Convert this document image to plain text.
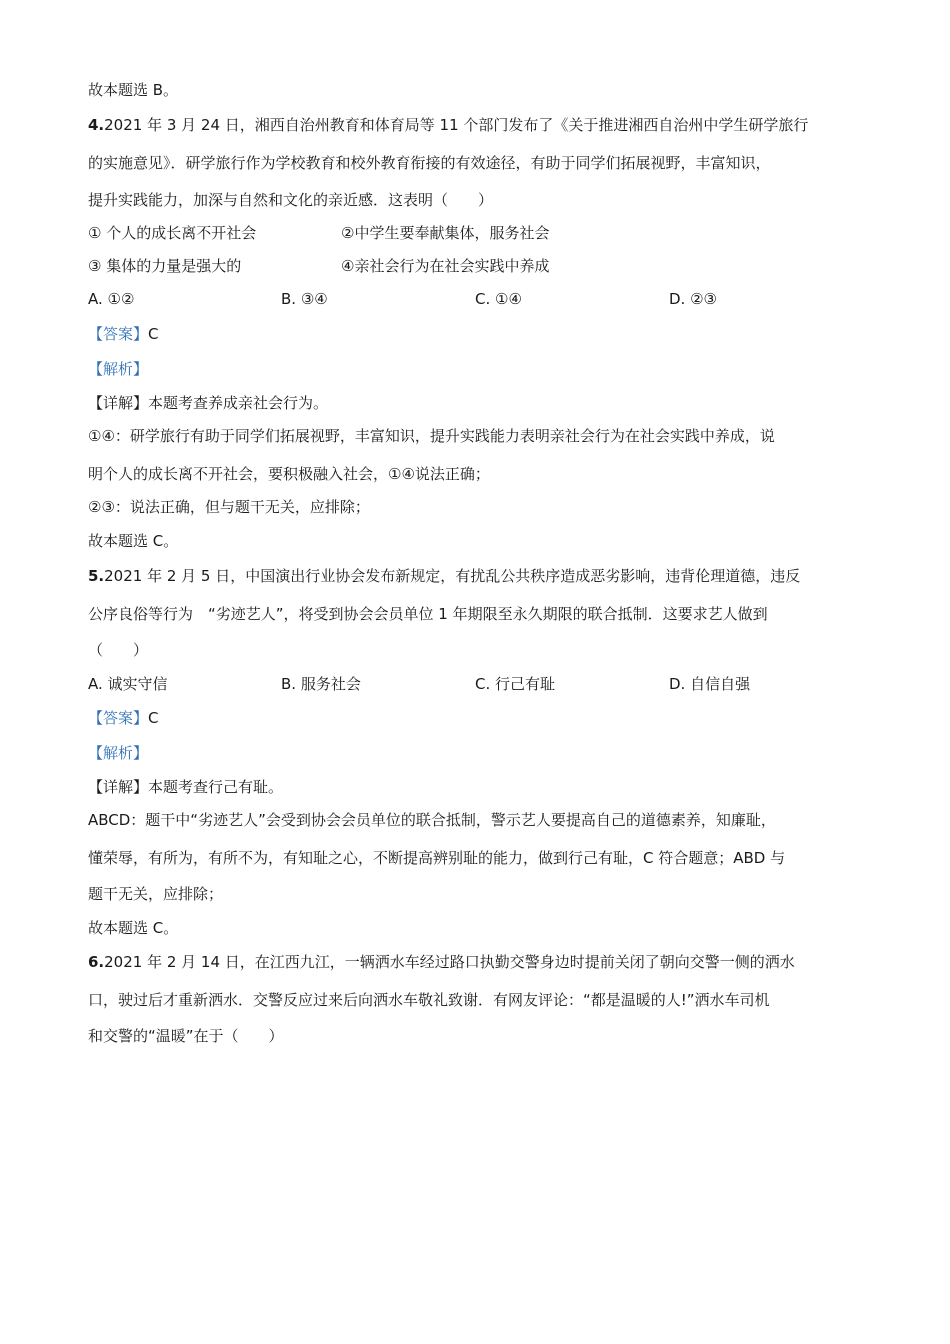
故本题选 B。
4.2021 年 3 月 24 日，湘西自治州教育和体育局等 11 个部门发布了《关于推进湘西自治州中学生研学旅行
的实施意见》．研学旅行作为学校教育和校外教育衔接的有效途径，有助于同学们拓展视野，丰富知识，
提升实践能力，加深与自然和文化的亲近感．这表明（　　）
① 个人的成长离不开社会	②中学生要奉献集体，服务社会
③ 集体的力量是强大的	④亲社会行为在社会实践中养成
A. ①②	B. ③④	C. ①④	D. ②③
【答案】C
【解析】
【详解】本题考查养成亲社会行为。
①④：研学旅行有助于同学们拓展视野，丰富知识，提升实践能力表明亲社会行为在社会实践中养成，说
明个人的成长离不开社会，要积极融入社会，①④说法正确；
②③：说法正确，但与题干无关，应排除；
故本题选 C。
5.2021 年 2 月 5 日，中国演出行业协会发布新规定，有扰乱公共秩序造成恶劣影响，违背伦理道德，违反
公序良俗等行为　“劣迹艺人”，将受到协会会员单位 1 年期限至永久期限的联合抵制．这要求艺人做到
（　　）
A. 诚实守信	B. 服务社会	C. 行己有耻	D. 自信自强
【答案】C
【解析】
【详解】本题考查行己有耻。
ABCD：题干中“劣迹艺人”会受到协会会员单位的联合抵制，警示艺人要提高自己的道德素养，知廉耻，
懂荣辱，有所为，有所不为，有知耻之心，不断提高辨别耻的能力，做到行己有耻，C 符合题意；ABD 与
题干无关，应排除；
故本题选 C。
6.2021 年 2 月 14 日，在江西九江，一辆洒水车经过路口执勤交警身边时提前关闭了朝向交警一侧的洒水
口，驶过后才重新洒水．交警反应过来后向洒水车敬礼致谢．有网友评论：“都是温暖的人!”洒水车司机
和交警的“温暖”在于（　　）
